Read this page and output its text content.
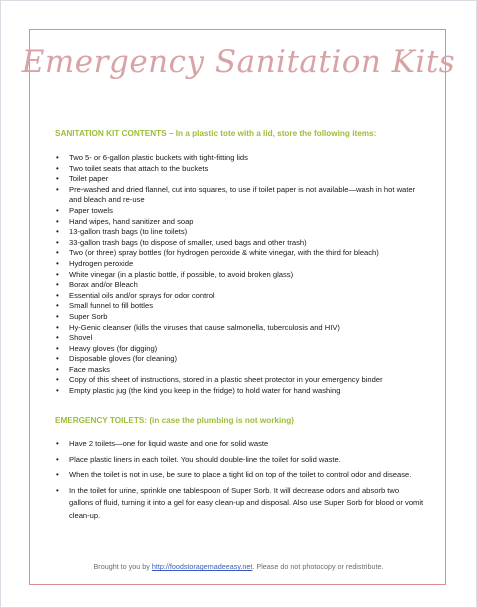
Emergency Sanitation Kits
SANITATION KIT CONTENTS – In a plastic tote with a lid, store the following items:
• Two 5- or 6-gallon plastic buckets with tight-fitting lids
• Two toilet seats that attach to the buckets
• Toilet paper
• Pre-washed and dried flannel, cut into squares, to use if toilet paper is not available—wash in hot water and bleach and re-use
• Paper towels
• Hand wipes, hand sanitizer and soap
• 13-gallon trash bags (to line toilets)
• 33-gallon trash bags (to dispose of smaller, used bags and other trash)
• Two (or three) spray bottles (for hydrogen peroxide & white vinegar, with the third for bleach)
• Hydrogen peroxide
• White vinegar (in a plastic bottle, if possible, to avoid broken glass)
• Borax and/or Bleach
• Essential oils and/or sprays for odor control
• Small funnel to fill bottles
• Super Sorb
• Hy-Genic cleanser (kills the viruses that cause salmonella, tuberculosis and HIV)
• Shovel
• Heavy gloves (for digging)
• Disposable gloves (for cleaning)
• Face masks
• Copy of this sheet of instructions, stored in a plastic sheet protector in your emergency binder
• Empty plastic jug (the kind you keep in the fridge) to hold water for hand washing
EMERGENCY TOILETS: (in case the plumbing is not working)
• Have 2 toilets—one for liquid waste and one for solid waste
• Place plastic liners in each toilet. You should double-line the toilet for solid waste.
• When the toilet is not in use, be sure to place a tight lid on top of the toilet to control odor and disease.
• In the toilet for urine, sprinkle one tablespoon of Super Sorb. It will decrease odors and absorb two gallons of fluid, turning it into a gel for easy clean-up and disposal. Also use Super Sorb for blood or vomit clean-up.
Brought to you by http://foodstoragemadeeasy.net. Please do not photocopy or redistribute.
